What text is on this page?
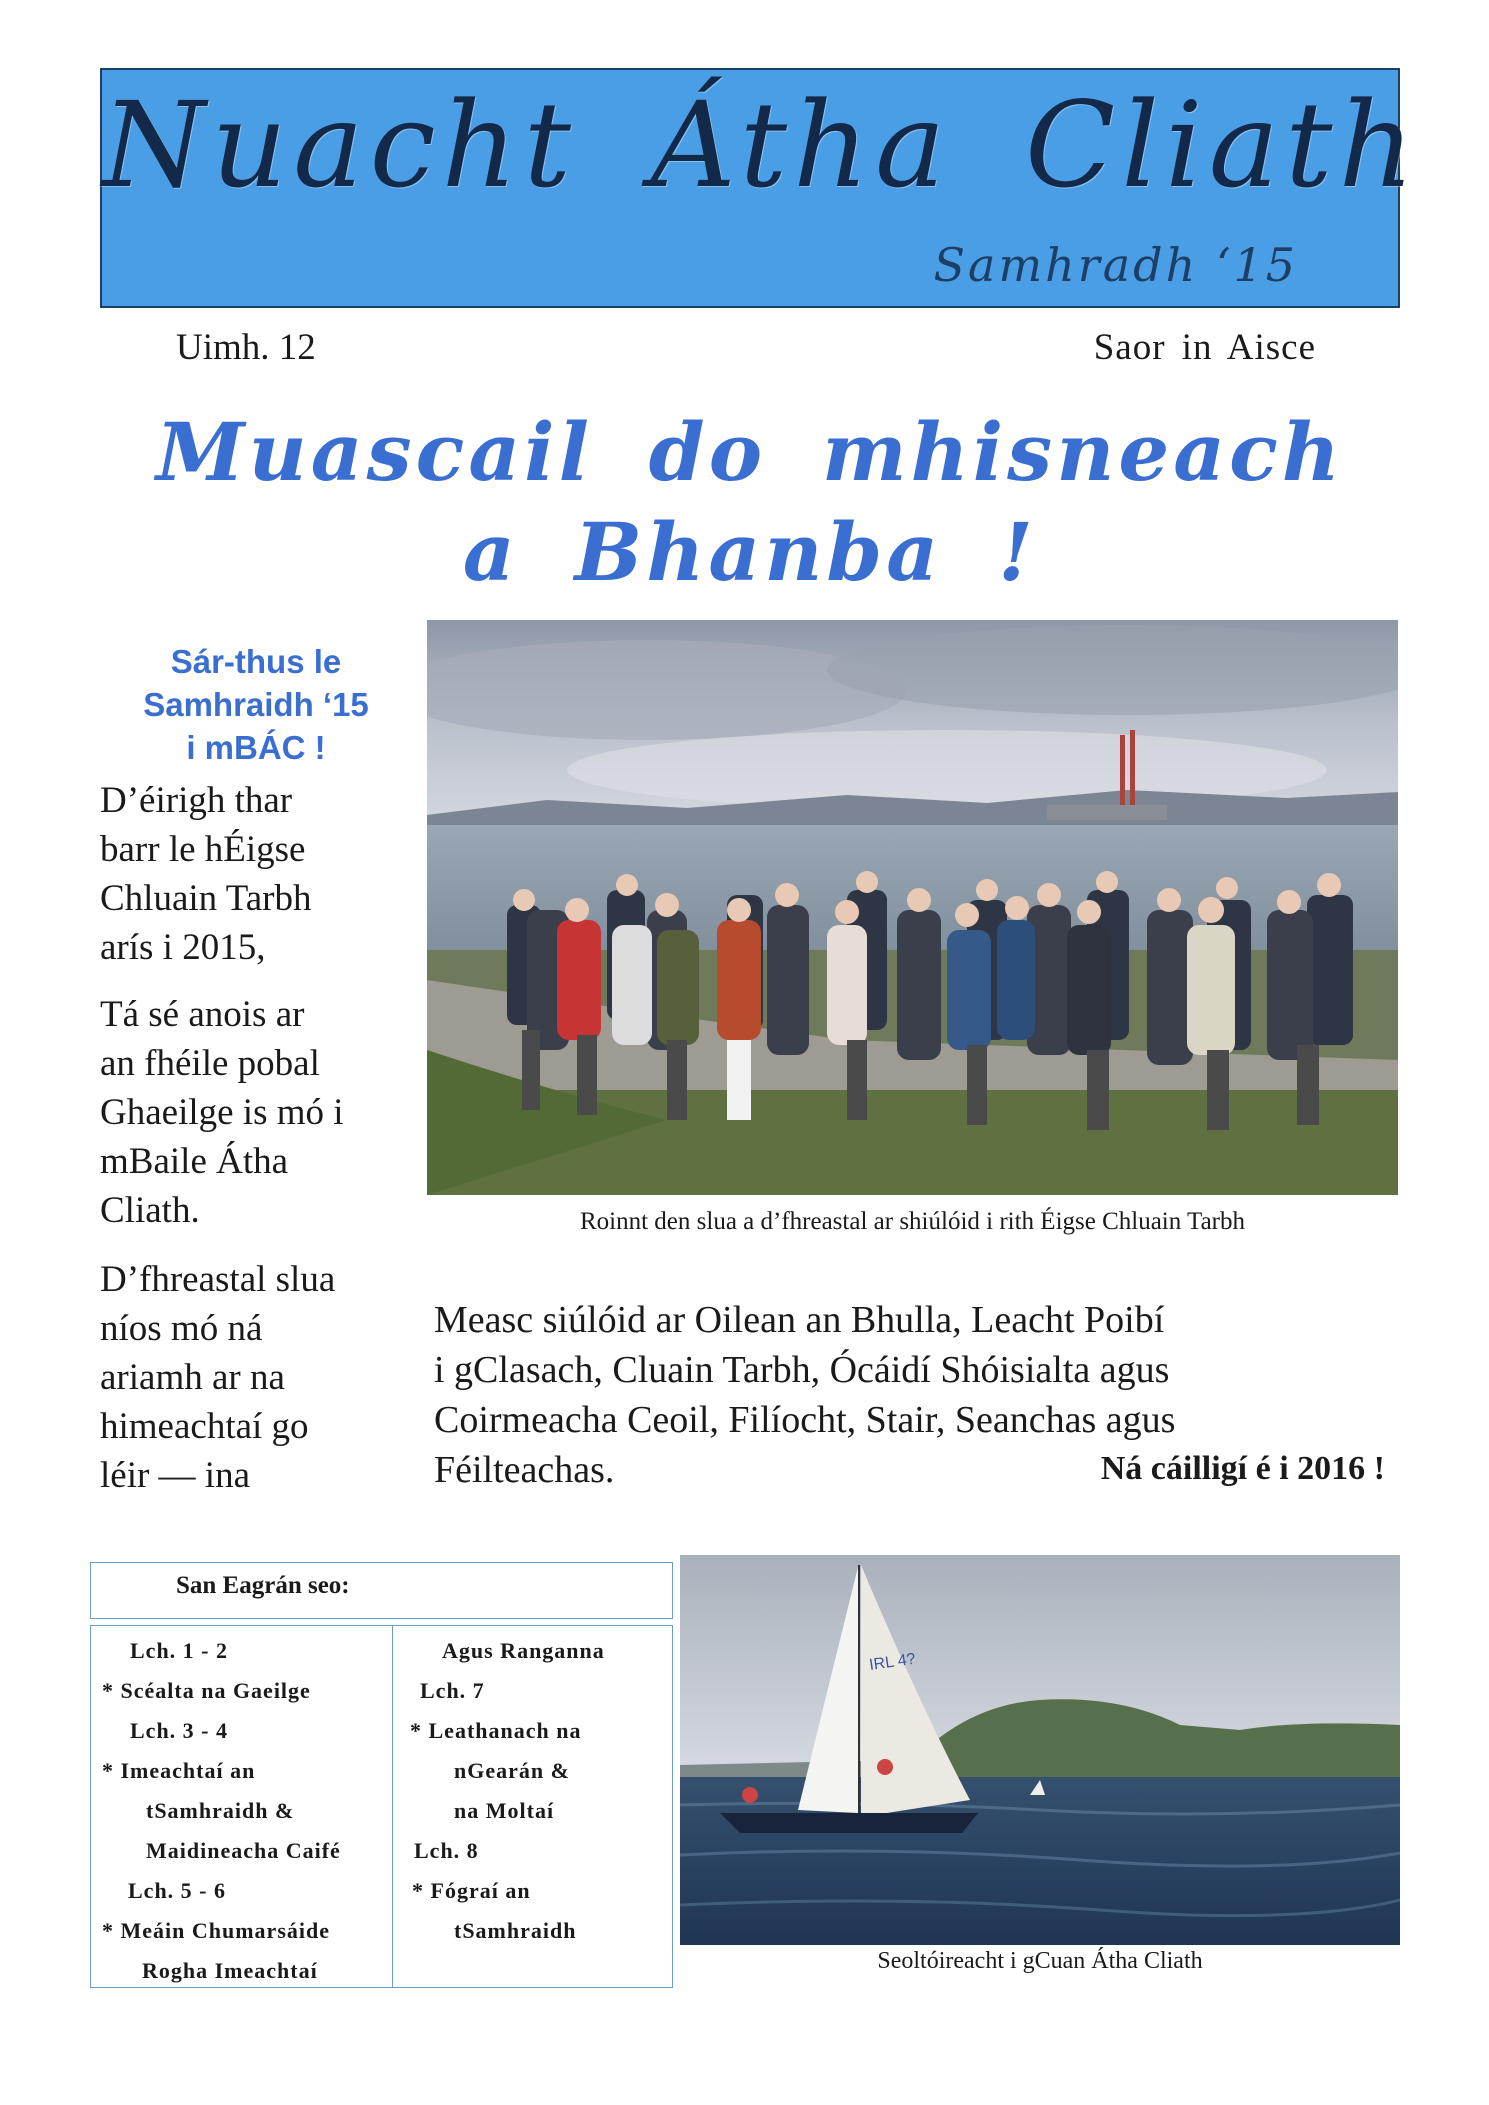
Nuacht Átha Cliath
Samhradh ‘15
Uimh. 12	Saor in Aisce
Muascail do mhisneach
a Bhanba !
Sár-thus le
Samhraidh ‘15
i mBÁC !
D’éirigh thar
barr le hÉigse
Chluain Tarbh
arís i 2015,
Tá sé anois ar
an fhéile pobal
Ghaeilge is mó i
mBaile Átha
Cliath.
D’fhreastal slua
níos mó ná
ariamh ar na
himeachtaí go
léir — ina
Roinnt den slua a d’fhreastal ar shiúlóid i rith Éigse Chluain Tarbh
Measc siúlóid ar Oilean an Bhulla, Leacht Poibí
i gClasach, Cluain Tarbh, Ócáidí Shóisialta agus
Coirmeacha Ceoil, Filíocht, Stair, Seanchas agus
Féilteachas.	Ná cáilligí é i 2016 !
San Eagrán seo:
Lch. 1 - 2
* Scéalta na Gaeilge
Lch. 3 - 4
* Imeachtaí an
tSamhraidh &
Maidineacha Caifé
Lch. 5 - 6
* Meáin Chumarsáide
Rogha Imeachtaí
Agus Ranganna
Lch. 7
* Leathanach na
nGearán &
na Moltaí
Lch. 8
* Fógraí an
tSamhraidh
IRL 4?
Seoltóireacht i gCuan Átha Cliath
